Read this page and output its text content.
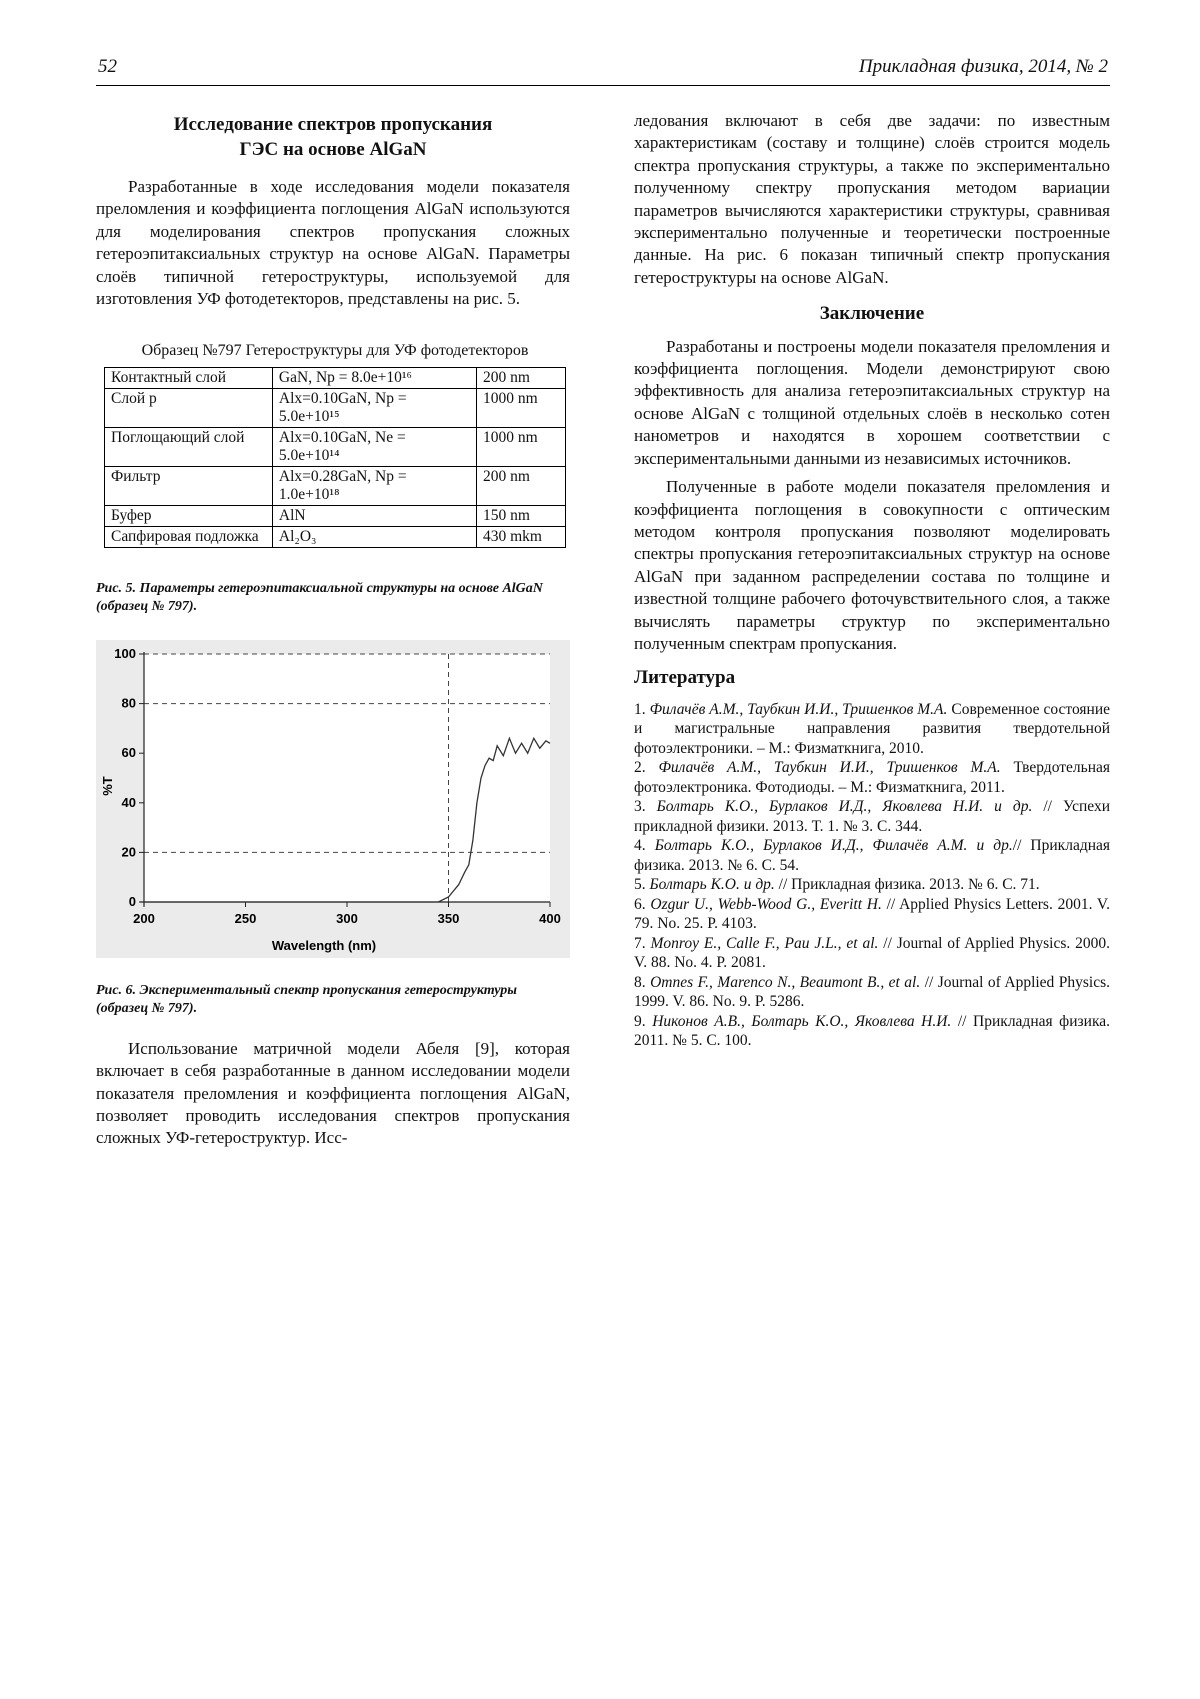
52	Прикладная физика, 2014, № 2
Исследование спектров пропускания
ГЭС на основе AlGaN

Разработанные в ходе исследования модели показателя преломления и коэффициента поглощения AlGaN используются для моделирования спектров пропускания сложных гетероэпитаксиальных структур на основе AlGaN. Параметры слоёв типичной гетероструктуры, используемой для изготовления УФ фотодетекторов, представлены на рис. 5.

Образец №797 Гетероструктуры для УФ фотодетекторов
Контактный слой	GaN, Np = 8.0e+10¹⁶	200 nm
Слой p	Alx=0.10GaN, Np = 5.0e+10¹⁵	1000 nm
Поглощающий слой	Alx=0.10GaN, Ne = 5.0e+10¹⁴	1000 nm
Фильтр	Alx=0.28GaN, Np = 1.0e+10¹⁸	200 nm
Буфер	AlN	150 nm
Сапфировая подложка	Al₂O₃	430 mkm

Рис. 5. Параметры гетероэпитаксиальной структуры на основе AlGaN (образец № 797).

0
20
40
60
80
100
200	250	300	350	400
Wavelength (nm)
%T

Рис. 6. Экспериментальный спектр пропускания гетероструктуры (образец № 797).

Использование матричной модели Абеля [9], которая включает в себя разработанные в данном исследовании модели показателя преломления и коэффициента поглощения AlGaN, позволяет проводить исследования спектров пропускания сложных УФ-гетероструктур. Исс-

ледования включают в себя две задачи: по известным характеристикам (составу и толщине) слоёв строится модель спектра пропускания структуры, а также по экспериментально полученному спектру пропускания методом вариации параметров вычисляются характеристики структуры, сравнивая экспериментально полученные и теоретически построенные данные. На рис. 6 показан типичный спектр пропускания гетероструктуры на основе AlGaN.

Заключение

Разработаны и построены модели показателя преломления и коэффициента поглощения. Модели демонстрируют свою эффективность для анализа гетероэпитаксиальных структур на основе AlGaN с толщиной отдельных слоёв в несколько сотен нанометров и находятся в хорошем соответствии с экспериментальными данными из независимых источников.

Полученные в работе модели показателя преломления и коэффициента поглощения в совокупности с оптическим методом контроля пропускания позволяют моделировать спектры пропускания гетероэпитаксиальных структур на основе AlGaN при заданном распределении состава по толщине и известной толщине рабочего фоточувствительного слоя, а также вычислять параметры структур по экспериментально полученным спектрам пропускания.

Литература

1. Филачёв А.М., Таубкин И.И., Тришенков М.А. Современное состояние и магистральные направления развития твердотельной фотоэлектроники. – М.: Физматкнига, 2010.

2. Филачёв А.М., Таубкин И.И., Тришенков М.А. Твердотельная фотоэлектроника. Фотодиоды. – М.: Физматкнига, 2011.

3. Болтарь К.О., Бурлаков И.Д., Яковлева Н.И. и др. // Успехи прикладной физики. 2013. Т. 1. № 3. С. 344.

4. Болтарь К.О., Бурлаков И.Д., Филачёв А.М. и др.// Прикладная физика. 2013. № 6. С. 54.

5. Болтарь К.О. и др. // Прикладная физика. 2013. № 6. С. 71.

6. Ozgur U., Webb-Wood G., Everitt H. // Applied Physics Letters. 2001. V. 79. No. 25. P. 4103.

7. Monroy E., Calle F., Pau J.L., et al. // Journal of Applied Physics. 2000. V. 88. No. 4. P. 2081.

8. Omnes F., Marenco N., Beaumont B., et al. // Journal of Applied Physics. 1999. V. 86. No. 9. P. 5286.

9. Никонов А.В., Болтарь К.О., Яковлева Н.И. // Прикладная физика. 2011. № 5. С. 100.
